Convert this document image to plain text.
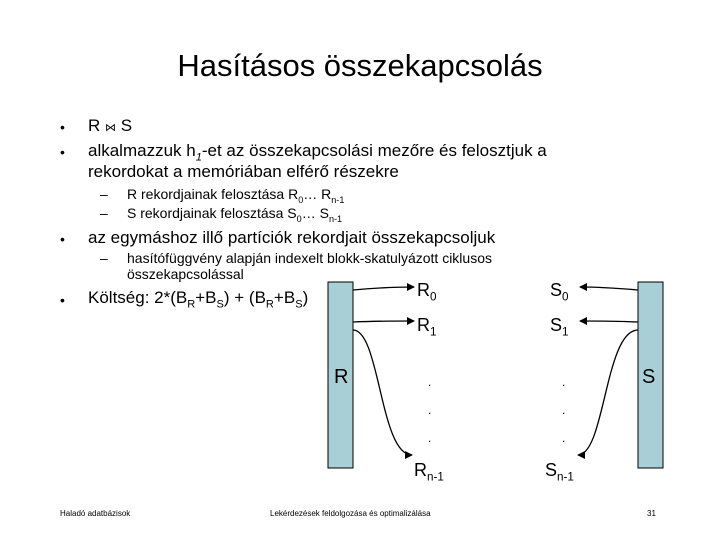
Hasításos összekapcsolás
• R ⋈ S
• alkalmazzuk $h_1-et$ az összekapcsolási mezőre és felosztjuk a
rekordokat a memóriában elférő részekre
– R rekordjainak felosztása $R_0\dots$ $R_{n-1}$
– S rekordjainak felosztása $S_0\dots$ $S_{n-1}$
• az egymáshoz illő partíciók rekordjait összekapcsoljuk
– hasítófüggvény alapján indexelt blokk-skatulyázott ciklusos
összekapcsolással
• Költség: $2*(B_R+B_S) + (B_R+B_S)$
R	S
$R_0$
$R_1$
$R_{n-1}$
$S_0$
$S_1$
$S_{n-1}$
.
.
.
.
.
.
Haladó adatbázisok	Lekérdezések feldolgozása és optimalizálása	31
